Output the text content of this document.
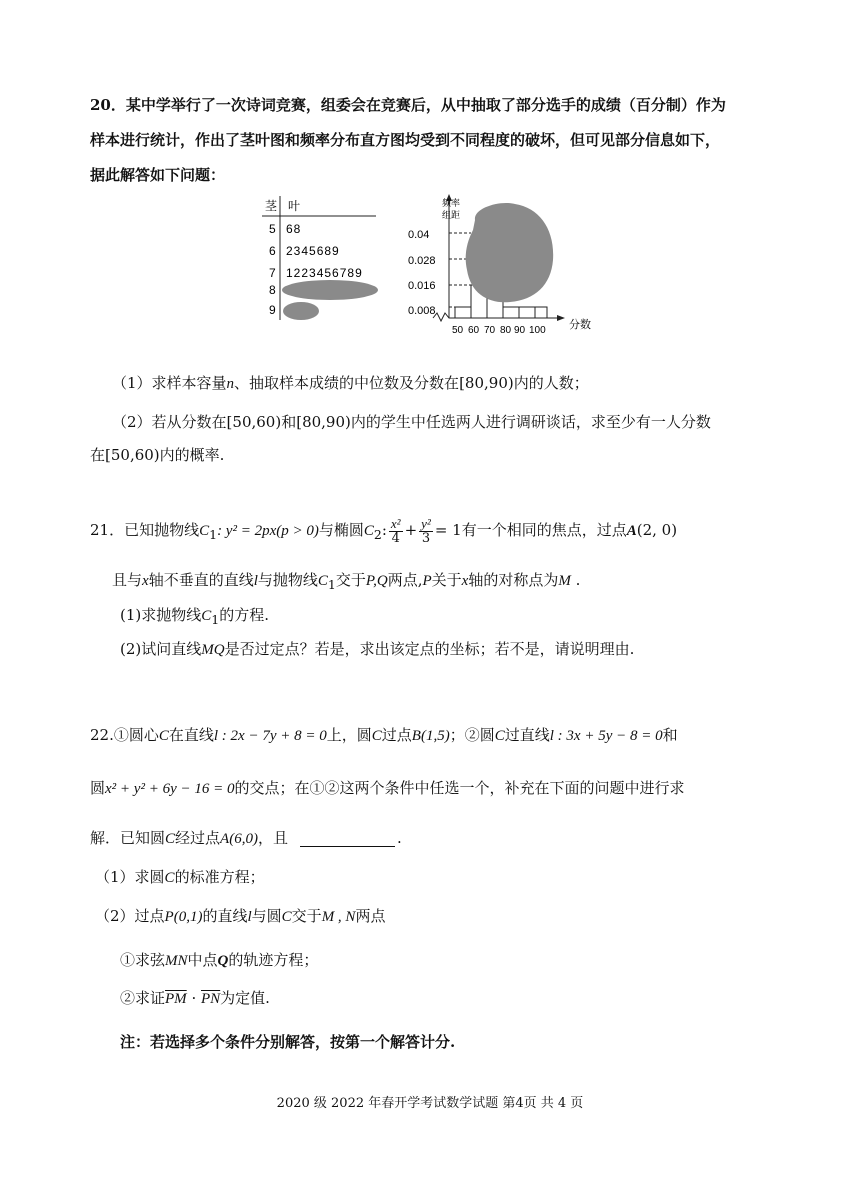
20．某中学举行了一次诗词竞赛，组委会在竞赛后，从中抽取了部分选手的成绩（百分制）作为
样本进行统计，作出了茎叶图和频率分布直方图均受到不同程度的破坏，但可见部分信息如下，
据此解答如下问题：
茎 叶
5 68
6 2345689
7 1223456789
8
9
频率
组距
0.04
0.028
0.016
0.008
50 60 70 80 90 100 分数
（1）求样本容量n、抽取样本成绩的中位数及分数在[80,90)内的人数；
（2）若从分数在[50,60)和[80,90)内的学生中任选两人进行调研谈话，求至少有一人分数
在[50,60)内的概率.
21．已知抛物线$C_1$: y² = 2px(p > 0)与椭圆$C_2$: $\frac{\text{x²}}{4} + \frac{\text{y²}}{3} = 1$有一个相同的焦点，过点A(2, 0)
且与x轴不垂直的直线l与抛物线$C_1$交于P,Q两点,P关于x轴的对称点为M .
(1)求抛物线$C_1$的方程.
(2)试问直线MQ是否过定点？若是，求出该定点的坐标；若不是，请说明理由.
22.①圆心C在直线l : 2x − 7y + 8 = 0上，圆C过点B(1,5)；②圆C过直线l : 3x + 5y − 8 = 0和
圆x² + y² + 6y − 16 = 0的交点；在①②这两个条件中任选一个，补充在下面的问题中进行求
解．已知圆C经过点A(6,0)，且	.
（1）求圆C的标准方程；
（2）过点P(0,1)的直线l与圆C交于M , N两点
①求弦MN中点Q的轨迹方程；
②求证$\overline{PM} \cdot \overline{PN}$为定值.
注：若选择多个条件分别解答，按第一个解答计分.
2020 级 2022 年春开学考试数学试题 第4页 共 4 页
